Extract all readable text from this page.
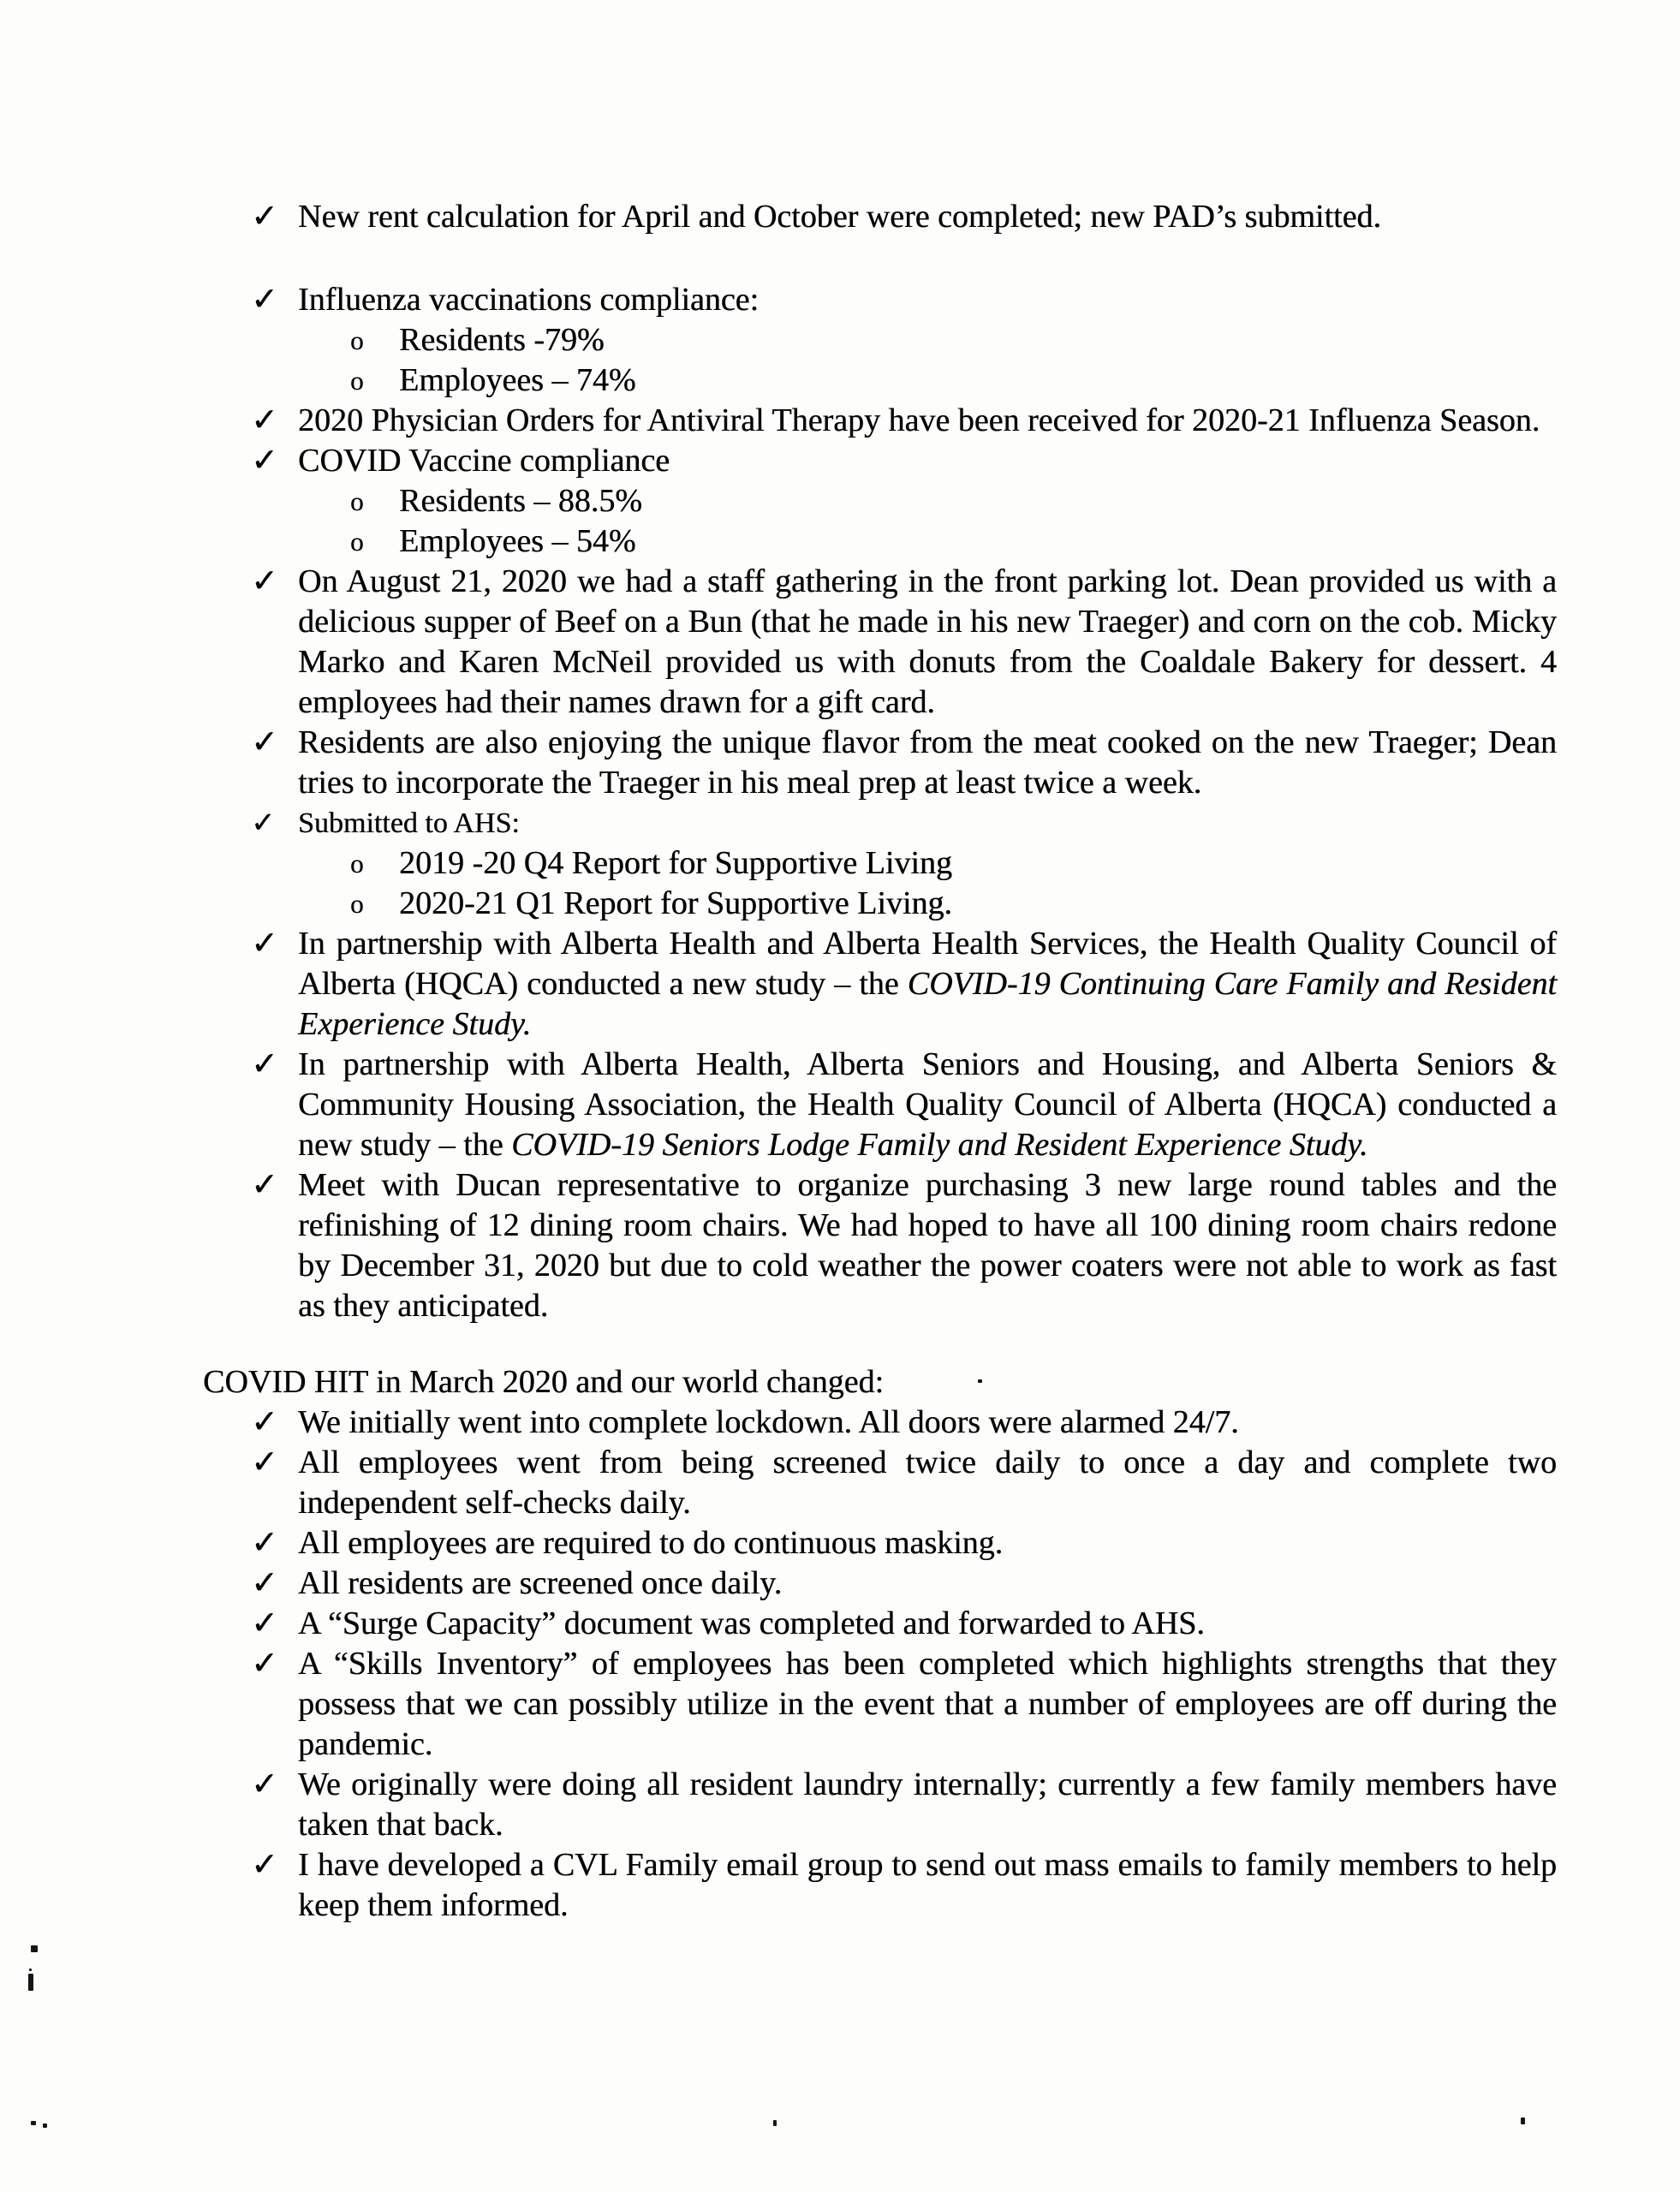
✓ New rent calculation for April and October were completed; new PAD’s submitted.
✓ Influenza vaccinations compliance:
o	Residents -79%
o	Employees – 74%
✓ 2020 Physician Orders for Antiviral Therapy have been received for 2020-21 Influenza Season.
✓ COVID Vaccine compliance
o	Residents – 88.5%
o	Employees – 54%
✓ On August 21, 2020 we had a staff gathering in the front parking lot. Dean provided us with a delicious supper of Beef on a Bun (that he made in his new Traeger) and corn on the cob. Micky Marko and Karen McNeil provided us with donuts from the Coaldale Bakery for dessert. 4 employees had their names drawn for a gift card.
✓ Residents are also enjoying the unique flavor from the meat cooked on the new Traeger; Dean tries to incorporate the Traeger in his meal prep at least twice a week.
✓ Submitted to AHS:
o	2019 -20 Q4 Report for Supportive Living
o	2020-21 Q1 Report for Supportive Living.
✓ In partnership with Alberta Health and Alberta Health Services, the Health Quality Council of Alberta (HQCA) conducted a new study – the COVID-19 Continuing Care Family and Resident Experience Study.
✓ In partnership with Alberta Health, Alberta Seniors and Housing, and Alberta Seniors & Community Housing Association, the Health Quality Council of Alberta (HQCA) conducted a new study – the COVID-19 Seniors Lodge Family and Resident Experience Study.
✓ Meet with Ducan representative to organize purchasing 3 new large round tables and the refinishing of 12 dining room chairs. We had hoped to have all 100 dining room chairs redone by December 31, 2020 but due to cold weather the power coaters were not able to work as fast as they anticipated.
COVID HIT in March 2020 and our world changed:
✓ We initially went into complete lockdown. All doors were alarmed 24/7.
✓ All employees went from being screened twice daily to once a day and complete two independent self-checks daily.
✓ All employees are required to do continuous masking.
✓ All residents are screened once daily.
✓ A “Surge Capacity” document was completed and forwarded to AHS.
✓ A “Skills Inventory” of employees has been completed which highlights strengths that they possess that we can possibly utilize in the event that a number of employees are off during the pandemic.
✓ We originally were doing all resident laundry internally; currently a few family members have taken that back.
✓ I have developed a CVL Family email group to send out mass emails to family members to help keep them informed.
